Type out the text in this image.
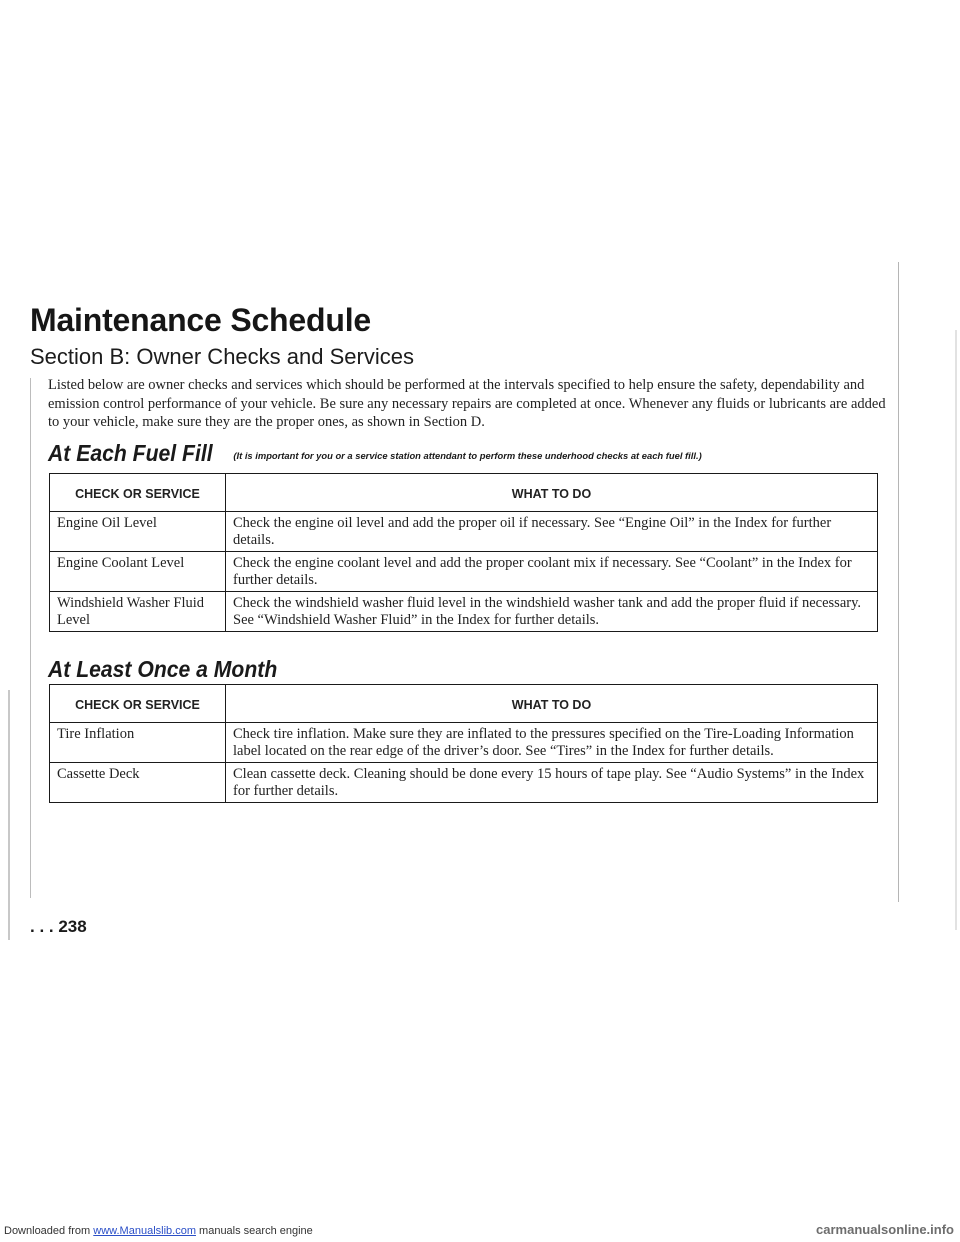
Maintenance Schedule
Section B: Owner Checks and Services

Listed below are owner checks and services which should be performed at the intervals specified to help ensure the safety, dependability and emission control performance of your vehicle. Be sure any necessary repairs are completed at once. Whenever any fluids or lubricants are added to your vehicle, make sure they are the proper ones, as shown in Section D.

At Each Fuel Fill (It is important for you or a service station attendant to perform these underhood checks at each fuel fill.)
CHECK OR SERVICE	WHAT TO DO
Engine Oil Level	Check the engine oil level and add the proper oil if necessary. See “Engine Oil” in the Index for further details.
Engine Coolant Level	Check the engine coolant level and add the proper coolant mix if necessary. See “Coolant” in the Index for further details.
Windshield Washer Fluid Level	Check the windshield washer fluid level in the windshield washer tank and add the proper fluid if necessary. See “Windshield Washer Fluid” in the Index for further details.
At Least Once a Month
CHECK OR SERVICE	WHAT TO DO
Tire Inflation	Check tire inflation. Make sure they are inflated to the pressures specified on the Tire-Loading Information label located on the rear edge of the driver’s door. See “Tires” in the Index for further details.
Cassette Deck	Clean cassette deck. Cleaning should be done every 15 hours of tape play. See “Audio Systems” in the Index for further details.
. . . 238
Downloaded from www.Manualslib.com manuals search engine	carmanualsonline.info
